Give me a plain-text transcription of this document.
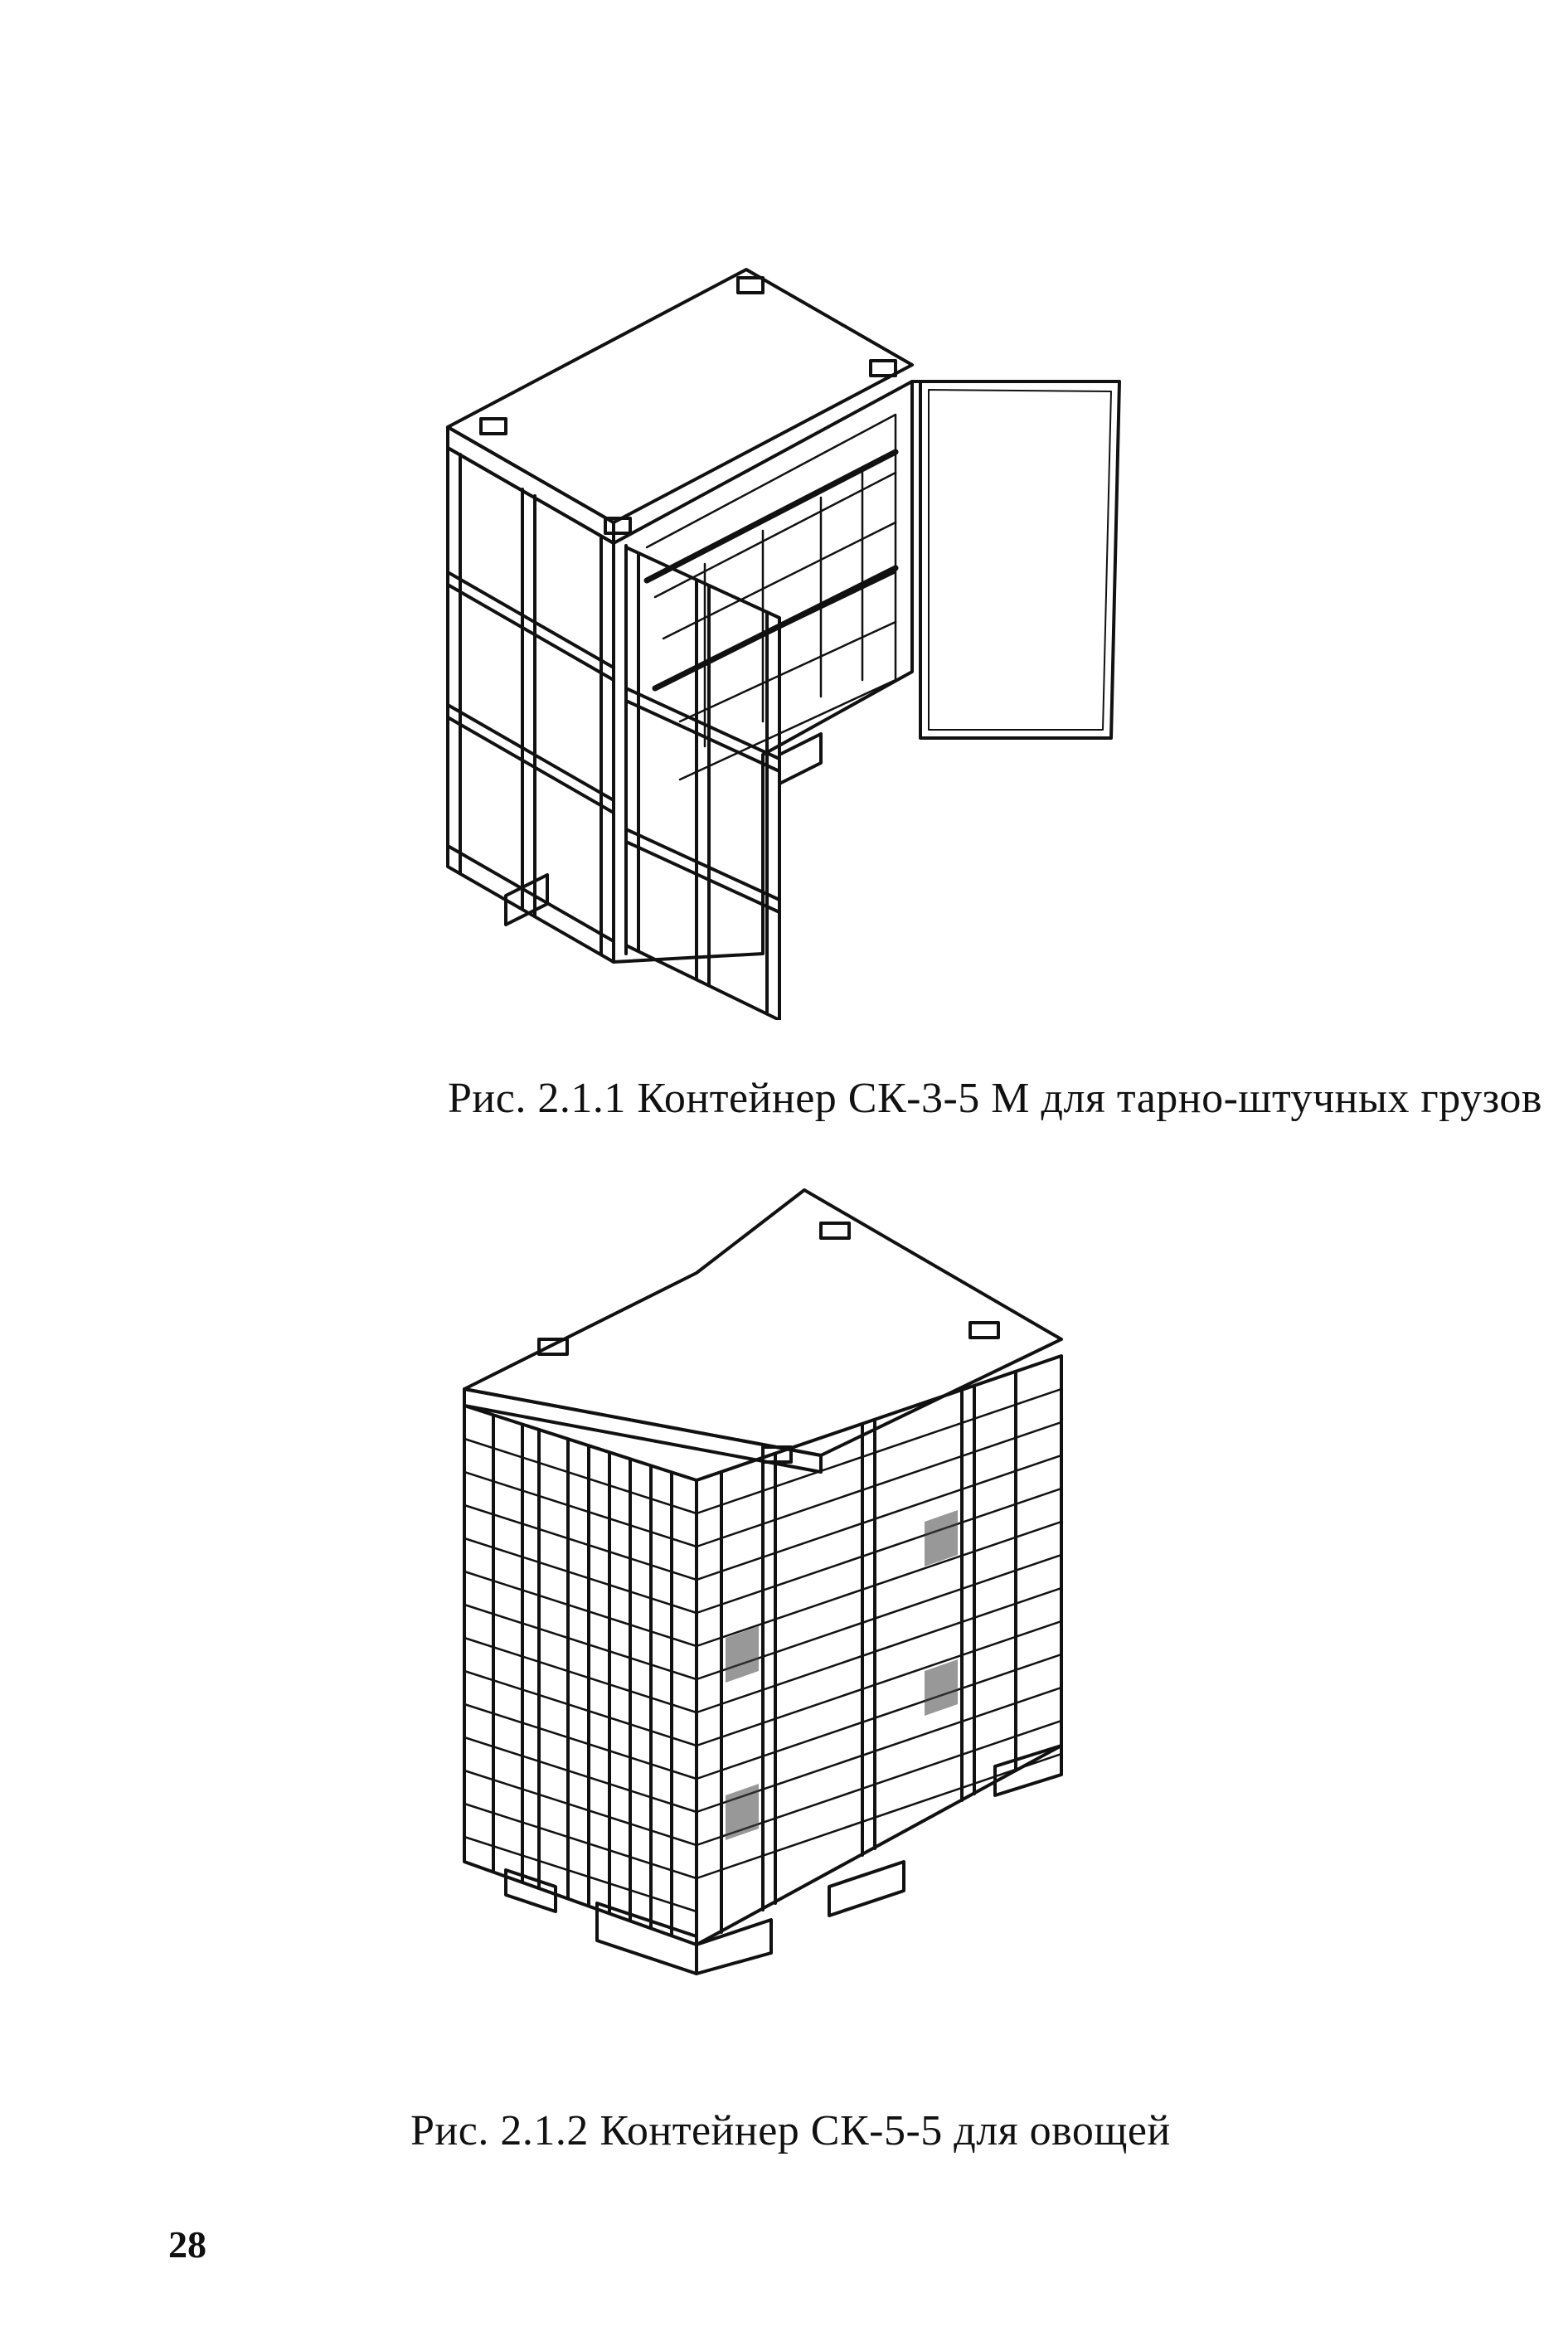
Рис. 2.1.1 Контейнер СК-3-5 М для тарно-штучных грузов
Рис. 2.1.2 Контейнер СК-5-5 для овощей
28
